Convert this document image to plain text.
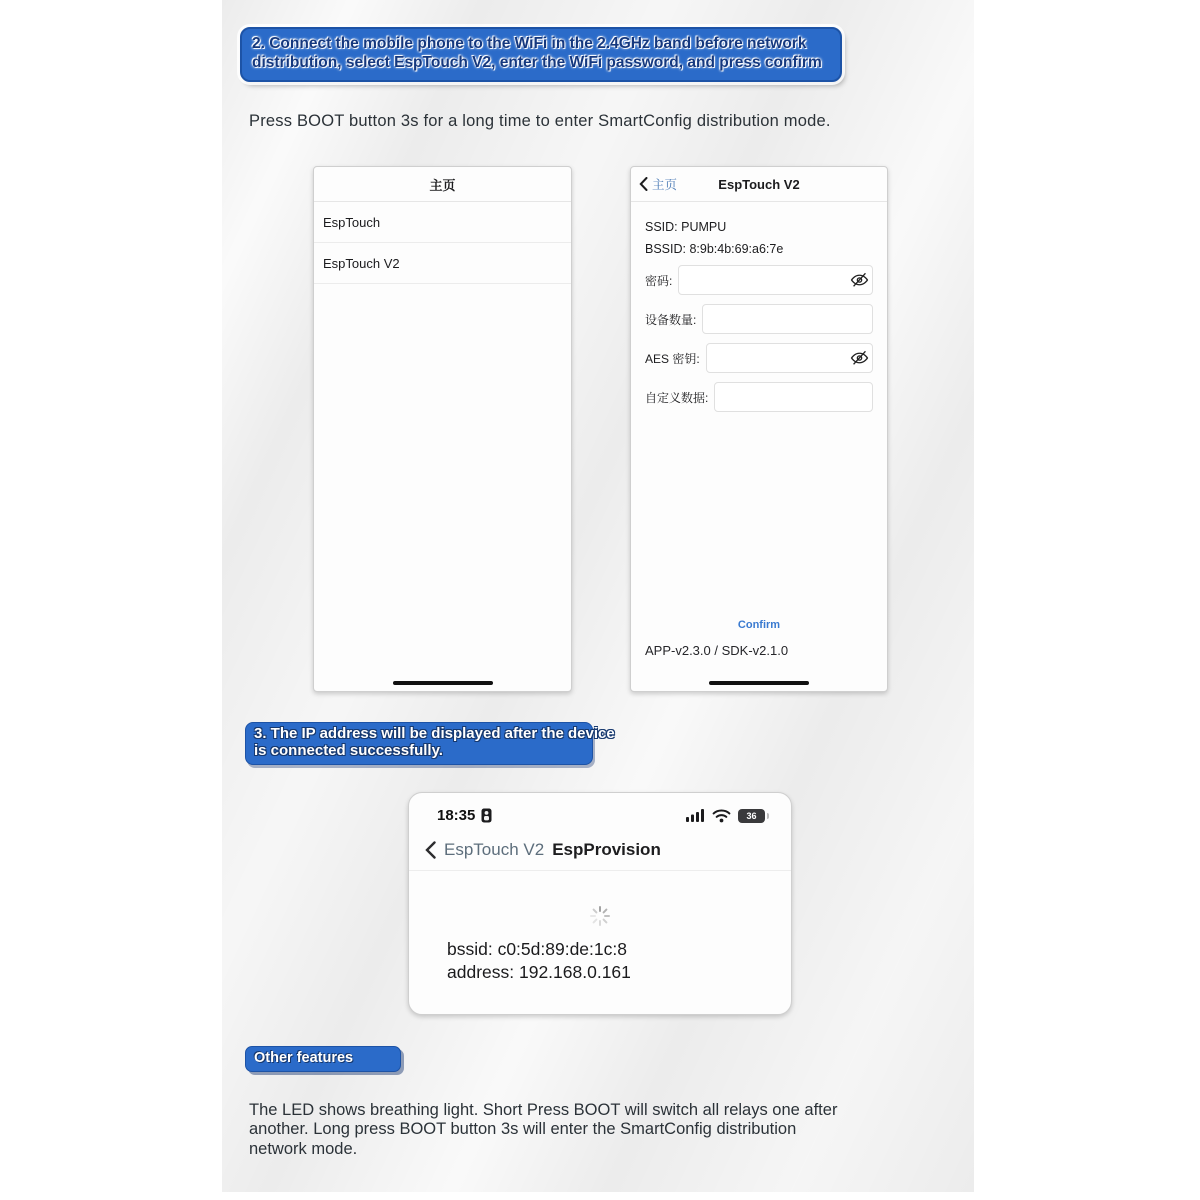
2. Connect the mobile phone to the WiFi in the 2.4GHz band before network
distribution, select EspTouch V2, enter the WiFi password, and press confirm
Press BOOT button 3s for a long time to enter SmartConfig distribution mode.
主页
EspTouch
EspTouch V2
主页	EspTouch V2
SSID: PUMPU
BSSID: 8:9b:4b:69:a6:7e
密码:
设备数量:
AES 密钥:
自定义数据:
Confirm
APP-v2.3.0 / SDK-v2.1.0
3. The IP address will be displayed after the device
is connected successfully.
18:35	36
EspTouch V2 EspProvision
bssid: c0:5d:89:de:1c:8
address: 192.168.0.161
Other features
The LED shows breathing light. Short Press BOOT will switch all relays one after
another. Long press BOOT button 3s will enter the SmartConfig distribution
network mode.
